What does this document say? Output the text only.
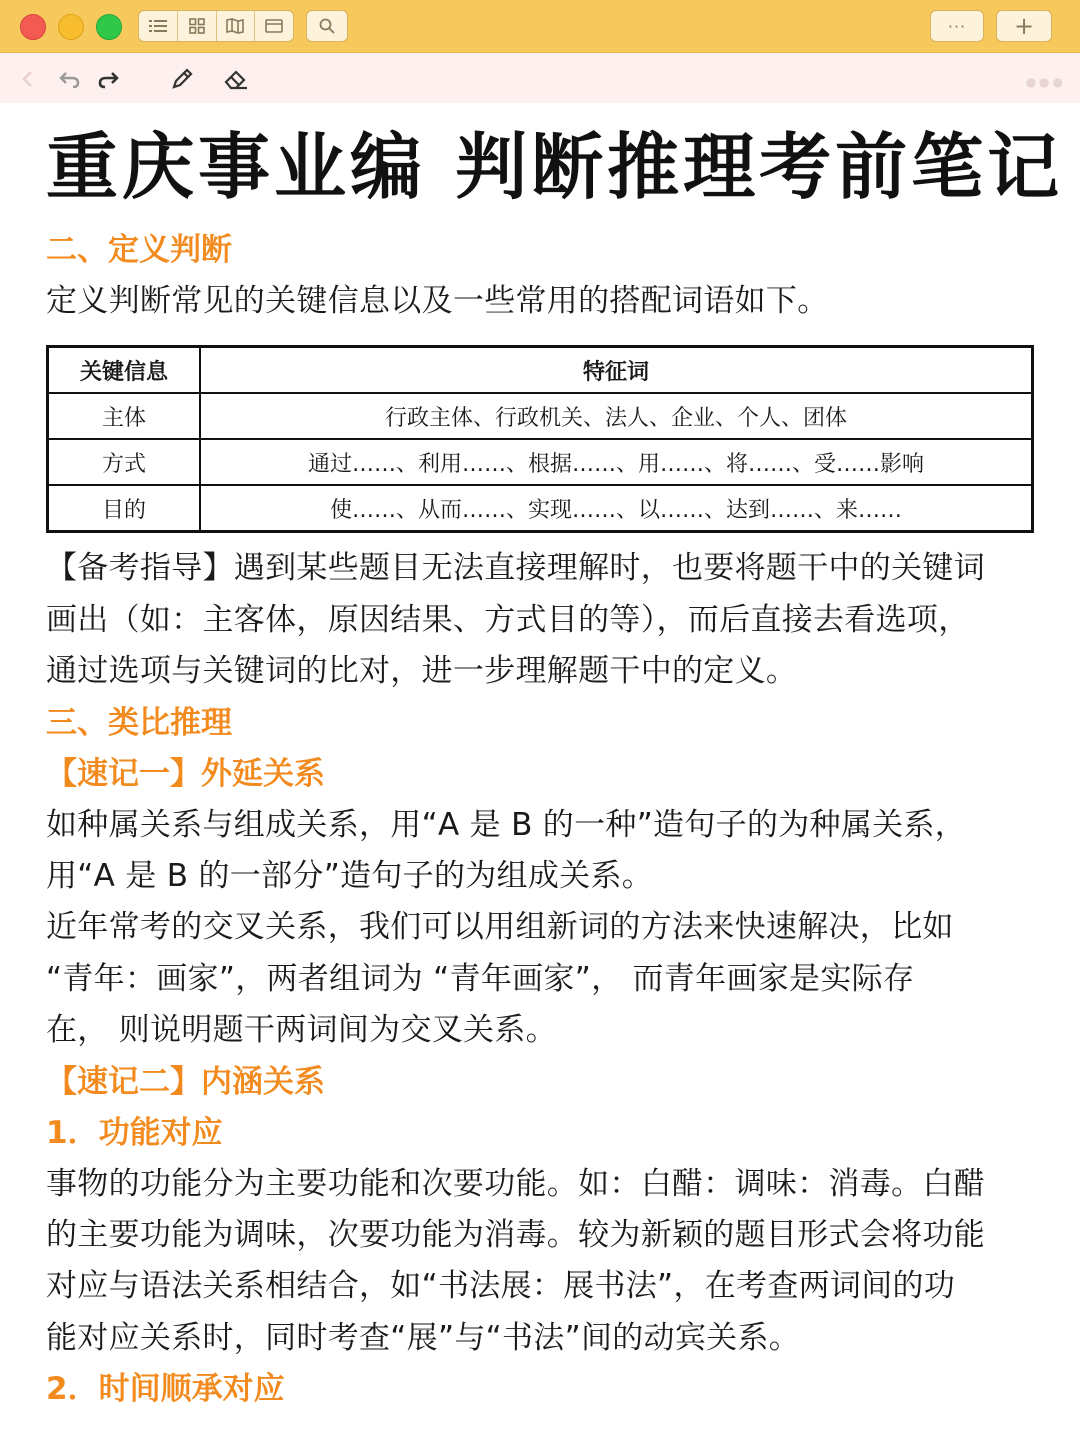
···	+
●●●
重庆事业编 判断推理考前笔记

二、定义判断

定义判断常见的关键信息以及一些常用的搭配词语如下。

关键信息	特征词
主体	行政主体、行政机关、法人、企业、个人、团体
方式	通过……、利用……、根据……、用……、将……、受……影响
目的	使……、从而……、实现……、以……、达到……、来……

【备考指导】遇到某些题目无法直接理解时，也要将题干中的关键词

画出（如：主客体，原因结果、方式目的等），而后直接去看选项，

通过选项与关键词的比对，进一步理解题干中的定义。

三、类比推理

【速记一】外延关系

如种属关系与组成关系，用“A 是 B 的一种”造句子的为种属关系，

用“A 是 B 的一部分”造句子的为组成关系。

近年常考的交叉关系，我们可以用组新词的方法来快速解决，比如

“青年：画家”，两者组词为 “青年画家”， 而青年画家是实际存

在， 则说明题干两词间为交叉关系。

【速记二】内涵关系

1．功能对应

事物的功能分为主要功能和次要功能。如：白醋：调味：消毒。白醋

的主要功能为调味，次要功能为消毒。较为新颖的题目形式会将功能

对应与语法关系相结合，如“书法展：展书法”，在考查两词间的功

能对应关系时，同时考查“展”与“书法”间的动宾关系。

2．时间顺承对应
